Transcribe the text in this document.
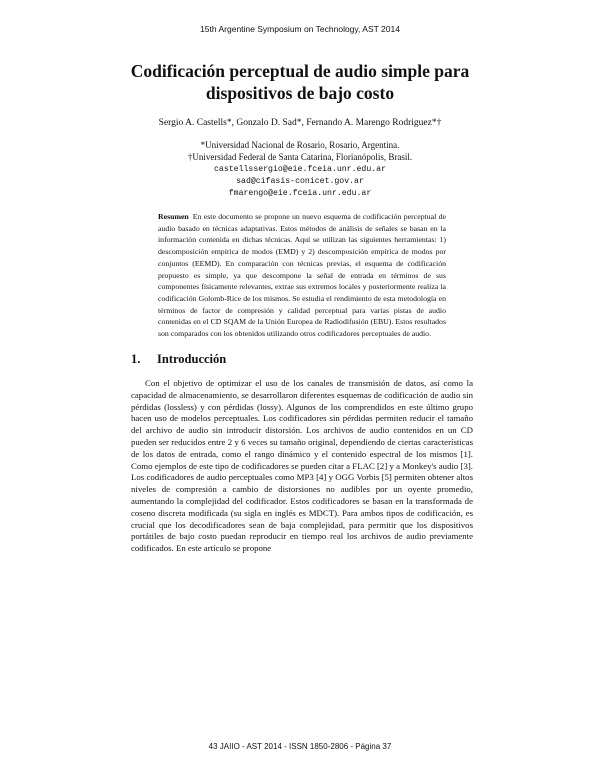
15th Argentine Symposium on Technology, AST 2014
Codificación perceptual de audio simple para
dispositivos de bajo costo
Sergio A. Castells*, Gonzalo D. Sad*, Fernando A. Marengo Rodriguez*†
*Universidad Nacional de Rosario, Rosario, Argentina.
†Universidad Federal de Santa Catarina, Florianópolis, Brasil.
castellssergio@eie.fceia.unr.edu.ar
sad@cifasis-conicet.gov.ar
fmarengo@eie.fceia.unr.edu.ar
Resumen En este documento se propone un nuevo esquema de codificación perceptual de audio basado en técnicas adaptativas. Estos métodos de análisis de señales se basan en la información contenida en dichas técnicas. Aquí se utilizan las siguientes herramientas: 1) descomposición empírica de modos (EMD) y 2) descomposición empírica de modos por conjuntos (EEMD). En comparación con técnicas previas, el esquema de codificación propuesto es simple, ya que descompone la señal de entrada en términos de sus componentes físicamente relevantes, extrae sus extremos locales y posteriormente realiza la codificación Golomb-Rice de los mismos. Se estudia el rendimiento de esta metodología en términos de factor de compresión y calidad perceptual para varias pistas de audio contenidas en el CD SQAM de la Unión Europea de Radiodifusión (EBU). Estos resultados son comparados con los obtenidos utilizando otros codificadores perceptuales de audio.
1. Introducción
Con el objetivo de optimizar el uso de los canales de transmisión de datos, así como la capacidad de almacenamiento, se desarrollaron diferentes esquemas de codificación de audio sin pérdidas (lossless) y con pérdidas (lossy). Algunos de los comprendidos en este último grupo hacen uso de modelos perceptuales. Los codificadores sin pérdidas permiten reducir el tamaño del archivo de audio sin introducir distorsión. Los archivos de audio contenidos en un CD pueden ser reducidos entre 2 y 6 veces su tamaño original, dependiendo de ciertas características de los datos de entrada, como el rango dinámico y el contenido espectral de los mismos [1]. Como ejemplos de este tipo de codificadores se pueden citar a FLAC [2] y a Monkey's audio [3]. Los codificadores de audio perceptuales como MP3 [4] y OGG Vorbis [5] permiten obtener altos niveles de compresión a cambio de distorsiones no audibles por un oyente promedio, aumentando la complejidad del codificador. Estos codificadores se basan en la transformada de coseno discreta modificada (su sigla en inglés es MDCT). Para ambos tipos de codificación, es crucial que los decodificadores sean de baja complejidad, para permitir que los dispositivos portátiles de bajo costo puedan reproducir en tiempo real los archivos de audio previamente codificados. En este artículo se propone
43 JAIIO - AST 2014 - ISSN 1850-2806 - Página 37
